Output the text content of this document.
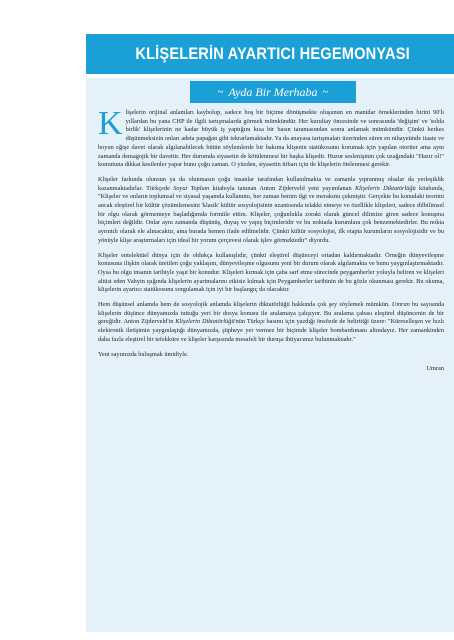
KLİŞELERİN AYARTICI HEGEMONYASI
~ Ayda Bir Merhaba ~

Klişelerin orijinal anlamları kaybolup, sadece boş bir biçime dönüşmekte oluşunun en manidar örneklerinden birini 90'lı yıllardan bu yana CHP ile ilgili tartışmalarda görmek mümkündür. Her kurultay öncesinde ve sonrasında 'değişim' ve 'solda birlik' klişelerinin ne kadar büyük iş yaptığını kısa bir basın taramasından sonra anlamak mümkündür. Çünkü herkes düşünmeksizin onları adeta papağan gibi tekrarlamaktadır. Ya da anayasa tartışmaları üzerinden süren en nihayetinde itaate ve boyun eğişe davet olarak algılanabilecek bütün söylemlerde bir bakıma klişenin statükosunu korumak için yapılan otoriter ama aynı zamanda demagojik bir davettir. Her durumda siyasetin de kötülenmesi bir başka klişedir. Huzur seslenişinin çok uzağındaki "Hazır ol!" komutuna dikkat kesilenler yapar bunu çoğu zaman. O yüzden, siyasetin itibarı için de klişelerin ötelenmesi gerekir.

Klişeler farkında olunsun ya da olunmasın çoğu insanlar tarafından kullanılmakta ve zamanla yıpranmış olsalar da yerleşiklik kazanmaktadırlar. Türkçede Soyut Toplum kitabıyla tanınan Anton Zijderveld yeni yayımlanan Klişelerin Diktatörlüğü kitabında, "Klişeler ve onların toplumsal ve siyasal yaşamda kullanımı, her zaman benim ilgi ve merakımı çekmiştir. Gerçekte bu konudaki teorimi ancak eleştirel bir kültür çözümlemesini 'klasik' kültür sosyolojisinin uzantısında telakki etmeye ve özellikle klişeleri, sadece dilbilimsel bir olgu olarak görmemeye başladığımda formüle ettim. Klişeler, çoğunlukla zoraki olarak güncel dilimize giren sadece konuşma biçimleri değildir. Onlar aynı zamanda düşünüş, duyuş ve yapış biçimleridir ve bu noktada kurumlara çok benzemektedirler. Bu nokta ayrıntılı olarak ele alınacaktır, ama burada hemen ifade edilmelidir. Çünkü kültür sosyolojisi, ilk etapta kurumların sosyolojisidir ve bu yönüyle klişe araştırmaları için ideal bir yorum çerçevesi olarak işlev görmektedir" diyordu.

Klişeler entelektüel dünya için de oldukça kullanışlıdır, çünkü eleştirel düşünceyi ortadan kaldırmaktadır. Örneğin dünyevileşme konusuna ilişkin olarak üretilen çoğu yaklaşım, dünyevileşme olgusunu yeni bir durum olarak algılamakta ve bunu yaygınlaştırmaktadır. Oysa bu olgu insanın tarihiyle yaşıt bir konudur. Klişeleri kırmak için çaba sarf etme sürecinde peygamberler yoluyla beliren ve klişeleri altüst eden Vahyin ışığında klişelerin ayartmalarını etkisiz kılmak için Peygamberler tarihinin de bu gözle okunması gerekir. Bu okuma, klişelerin ayartıcı statükosunu sorgulamak için iyi bir başlangıç da olacaktır.

Hem düşünsel anlamda hem de sosyolojik anlamda klişelerin diktatörlüğü hakkında çok şey söylemek mümkün. Umran bu sayısında klişelerin düşünce dünyamızda tuttuğu yeri bir dosya konusu ile aralamaya çalışıyor. Bu aralama çabası eleştirel düşüncenin de bir gereğidir. Anton Zijderveld'in Klişelerin Diktatörlüğü'nün Türkçe basımı için yazdığı önsözde de belirttiği üzere: "Küreselleşen ve hızlı elektronik iletişimin yaygınlaştığı dünyamızda, şüpheye yer vermez bir biçimde klişeler bombardımanı altındayız. Her zamankinden daha fazla eleştirel bir tefekküre ve klişeler karşısında mesafeli bir duruşa ihtiyacımız bulunmaktadır."

Yeni sayımızda buluşmak ümidiyle.

Umran
